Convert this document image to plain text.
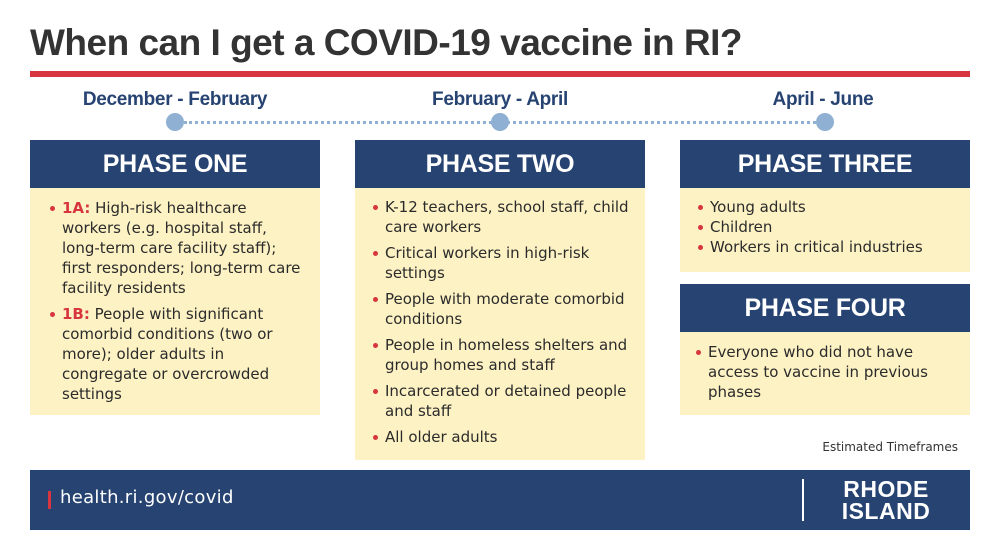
When can I get a COVID-19 vaccine in RI?
December - February	February - April	April - June
PHASE ONE
1A: High-risk healthcare workers (e.g. hospital staff, long-term care facility staff); first responders; long-term care facility residents
1B: People with significant comorbid conditions (two or more); older adults in congregate or overcrowded settings
PHASE TWO
K-12 teachers, school staff, child care workers
Critical workers in high-risk settings
People with moderate comorbid conditions
People in homeless shelters and group homes and staff
Incarcerated or detained people and staff
All older adults
PHASE THREE
Young adults
Children
Workers in critical industries
PHASE FOUR
Everyone who did not have access to vaccine in previous phases
Estimated Timeframes
health.ri.gov/covid	RHODE
ISLAND
